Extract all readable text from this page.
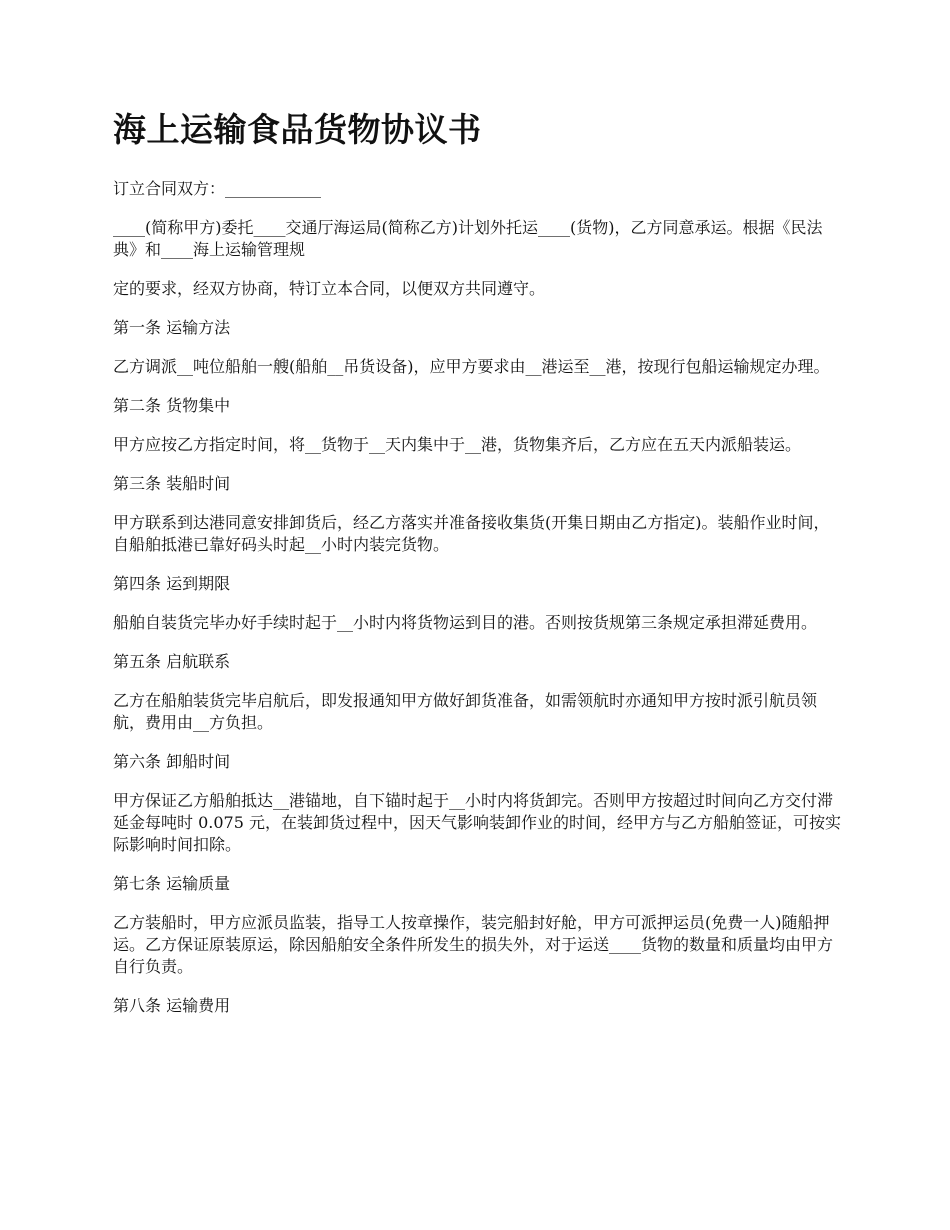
海上运输食品货物协议书

订立合同双方：____________

____(简称甲方)委托____交通厅海运局(简称乙方)计划外托运____(货物)，乙方同意承运。根据《民法典》和____海上运输管理规

定的要求，经双方协商，特订立本合同，以便双方共同遵守。

第一条 运输方法

乙方调派__吨位船舶一艘(船舶__吊货设备)，应甲方要求由__港运至__港，按现行包船运输规定办理。

第二条 货物集中

甲方应按乙方指定时间，将__货物于__天内集中于__港，货物集齐后，乙方应在五天内派船装运。

第三条 装船时间

甲方联系到达港同意安排卸货后，经乙方落实并准备接收集货(开集日期由乙方指定)。装船作业时间，自船舶抵港已靠好码头时起__小时内装完货物。

第四条 运到期限

船舶自装货完毕办好手续时起于__小时内将货物运到目的港。否则按货规第三条规定承担滞延费用。

第五条 启航联系

乙方在船舶装货完毕启航后，即发报通知甲方做好卸货准备，如需领航时亦通知甲方按时派引航员领航，费用由__方负担。

第六条 卸船时间

甲方保证乙方船舶抵达__港锚地，自下锚时起于__小时内将货卸完。否则甲方按超过时间向乙方交付滞延金每吨时 0.075 元，在装卸货过程中，因天气影响装卸作业的时间，经甲方与乙方船舶签证，可按实际影响时间扣除。

第七条 运输质量

乙方装船时，甲方应派员监装，指导工人按章操作，装完船封好舱，甲方可派押运员(免费一人)随船押运。乙方保证原装原运，除因船舶安全条件所发生的损失外，对于运送____货物的数量和质量均由甲方自行负责。

第八条 运输费用
